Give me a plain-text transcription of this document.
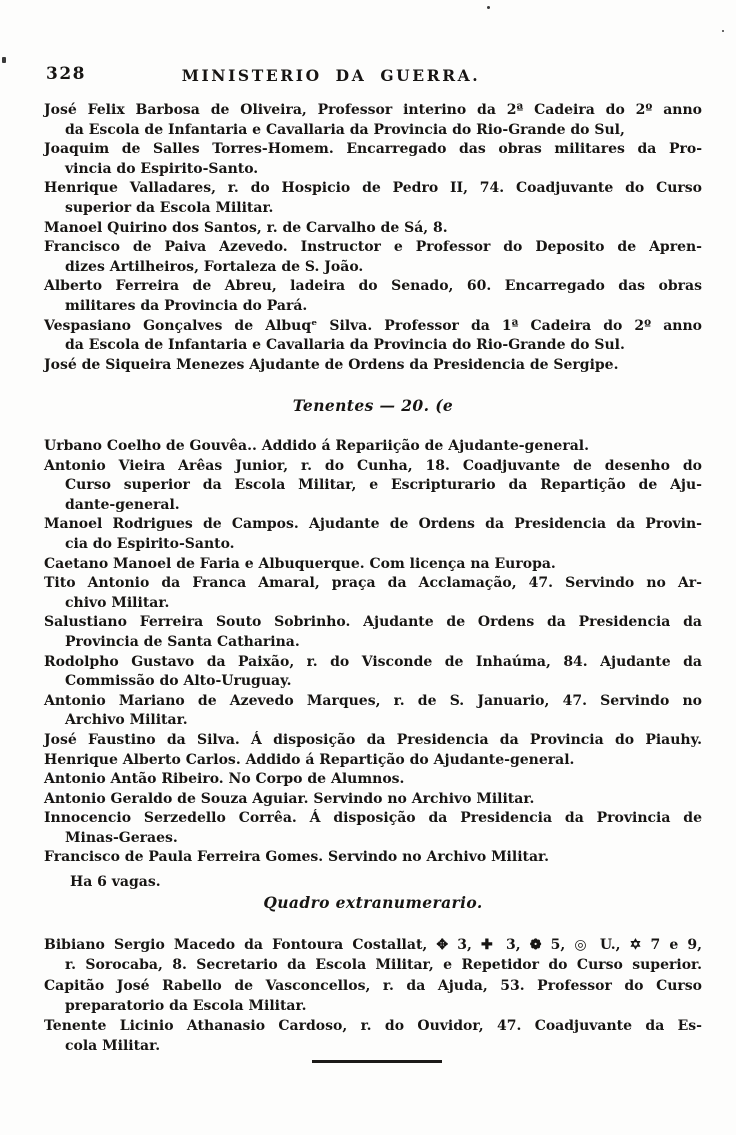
328	MINISTERIO DA GUERRA.
José Felix Barbosa de Oliveira, Professor interino da 2ª Cadeira do 2º anno
da Escola de Infantaria e Cavallaria da Provincia do Rio-Grande do Sul,
Joaquim de Salles Torres-Homem. Encarregado das obras militares da Pro-
vincia do Espirito-Santo.
Henrique Valladares, r. do Hospicio de Pedro II, 74. Coadjuvante do Curso
superior da Escola Militar.
Manoel Quirino dos Santos, r. de Carvalho de Sá, 8.
Francisco de Paiva Azevedo. Instructor e Professor do Deposito de Apren-
dizes Artilheiros, Fortaleza de S. João.
Alberto Ferreira de Abreu, ladeira do Senado, 60. Encarregado das obras
militares da Provincia do Pará.
Vespasiano Gonçalves de Albuqᵉ Silva. Professor da 1ª Cadeira do 2º anno
da Escola de Infantaria e Cavallaria da Provincia do Rio-Grande do Sul.
José de Siqueira Menezes Ajudante de Ordens da Presidencia de Sergipe.
Tenentes — 20. (e
Urbano Coelho de Gouvêa.. Addido á Repariição de Ajudante-general.
Antonio Vieira Arêas Junior, r. do Cunha, 18. Coadjuvante de desenho do
Curso superior da Escola Militar, e Escripturario da Repartição de Aju-
dante-general.
Manoel Rodrigues de Campos. Ajudante de Ordens da Presidencia da Provin-
cia do Espirito-Santo.
Caetano Manoel de Faria e Albuquerque. Com licença na Europa.
Tito Antonio da Franca Amaral, praça da Acclamação, 47. Servindo no Ar-
chivo Militar.
Salustiano Ferreira Souto Sobrinho. Ajudante de Ordens da Presidencia da
Provincia de Santa Catharina.
Rodolpho Gustavo da Paixão, r. do Visconde de Inhaúma, 84. Ajudante da
Commissão do Alto-Uruguay.
Antonio Mariano de Azevedo Marques, r. de S. Januario, 47. Servindo no
Archivo Militar.
José Faustino da Silva. Á disposição da Presidencia da Provincia do Piauhy.
Henrique Alberto Carlos. Addido á Repartição do Ajudante-general.
Antonio Antão Ribeiro. No Corpo de Alumnos.
Antonio Geraldo de Souza Aguiar. Servindo no Archivo Militar.
Innocencio Serzedello Corrêa. Á disposição da Presidencia da Provincia de
Minas-Geraes.
Francisco de Paula Ferreira Gomes. Servindo no Archivo Militar.
Ha 6 vagas.
Quadro extranumerario.
Bibiano Sergio Macedo da Fontoura Costallat, ✥ 3, ✚ 3, ❁ 5, ◎ U., ✡ 7 e 9,
r. Sorocaba, 8. Secretario da Escola Militar, e Repetidor do Curso superior.
Capitão José Rabello de Vasconcellos, r. da Ajuda, 53. Professor do Curso
preparatorio da Escola Militar.
Tenente Licinio Athanasio Cardoso, r. do Ouvidor, 47. Coadjuvante da Es-
cola Militar.
